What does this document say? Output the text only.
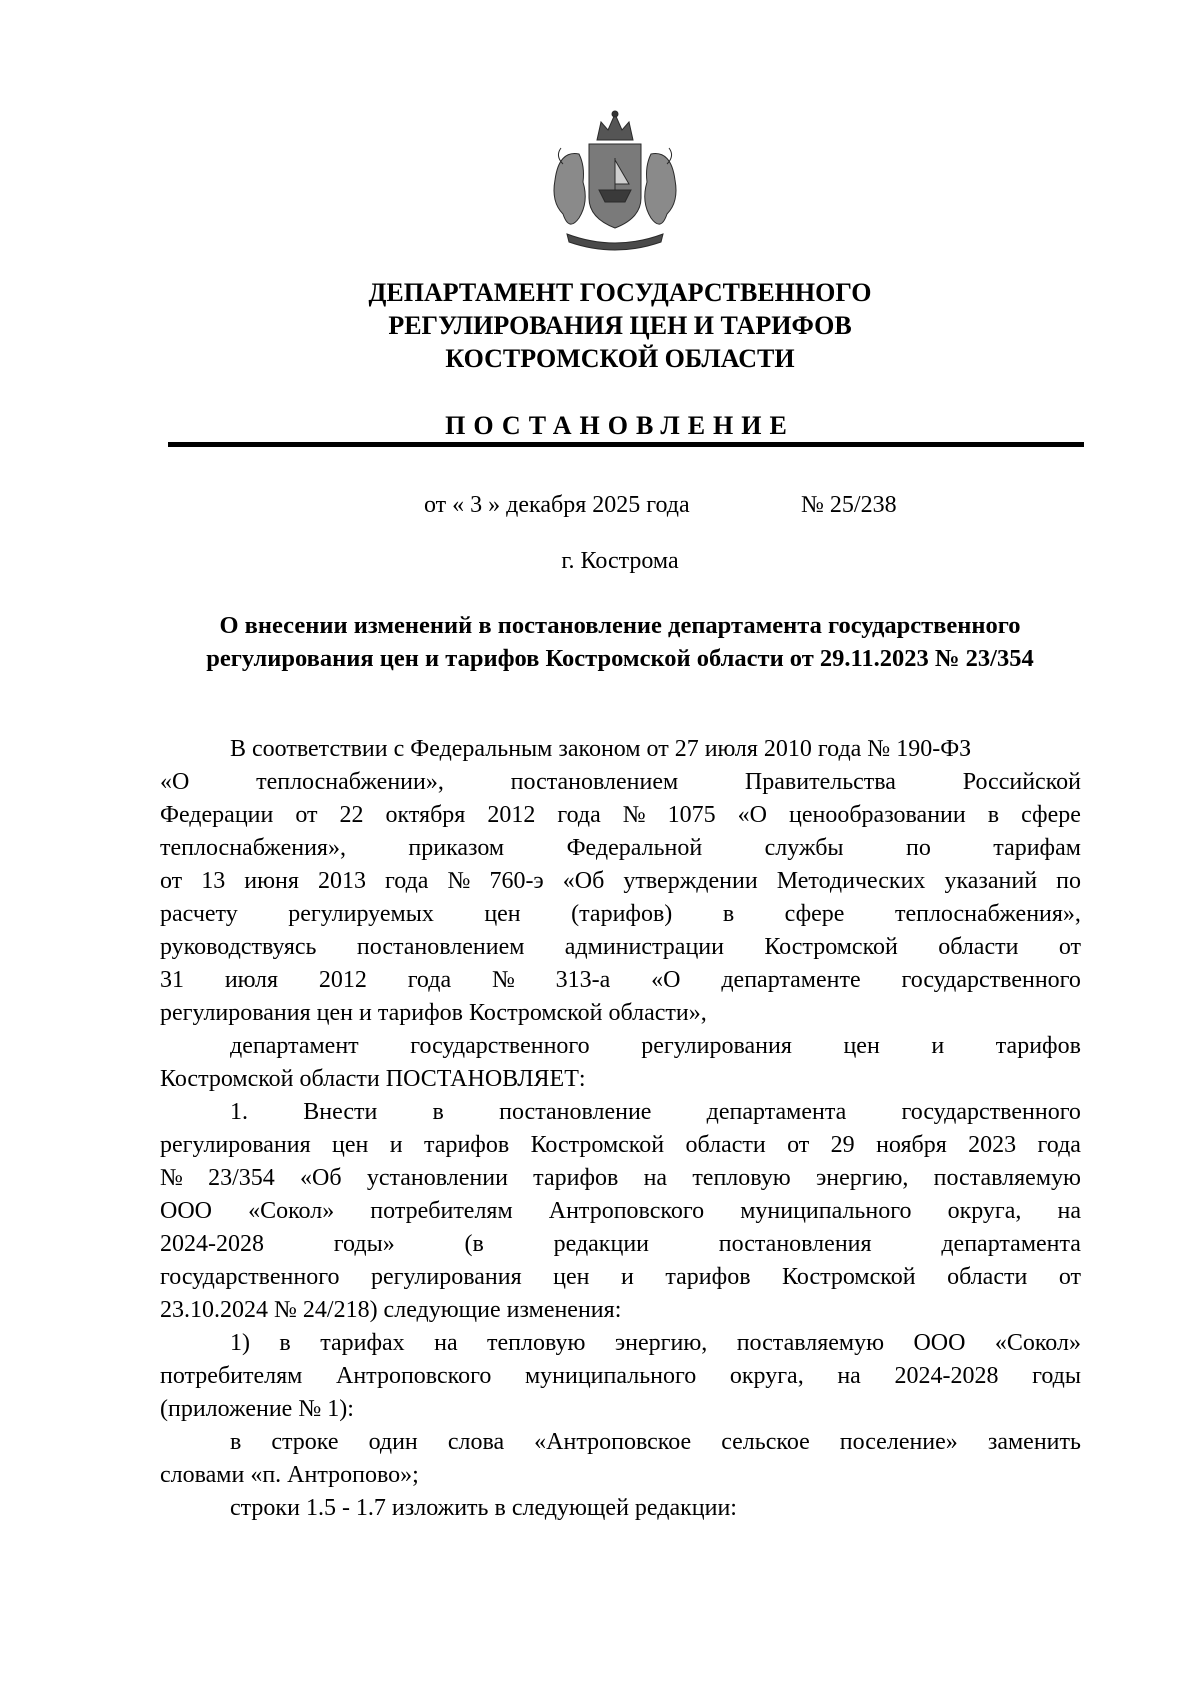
ДЕПАРТАМЕНТ ГОСУДАРСТВЕННОГО
РЕГУЛИРОВАНИЯ ЦЕН И ТАРИФОВ
КОСТРОМСКОЙ ОБЛАСТИ
ПОСТАНОВЛЕНИЕ
от « 3 » декабря 2025 года	№ 25/238
г. Кострома
О внесении изменений в постановление департамента государственного
регулирования цен и тарифов Костромской области от 29.11.2023 № 23/354
В соответствии с Федеральным законом от 27 июля 2010 года № 190-ФЗ
«О	теплоснабжении»,	постановлением	Правительства	Российской
Федерации от 22 октября 2012 года № 1075 «О ценообразовании в сфере
теплоснабжения»,	приказом	Федеральной	службы	по	тарифам
от 13 июня 2013 года № 760-э «Об утверждении Методических указаний по
расчету регулируемых цен (тарифов) в сфере теплоснабжения»,
руководствуясь постановлением администрации Костромской области от
31 июля 2012 года № 313-а «О департаменте государственного
регулирования цен и тарифов Костромской области»,
департамент государственного регулирования цен и тарифов
Костромской области ПОСТАНОВЛЯЕТ:
1. Внести в постановление департамента государственного
регулирования цен и тарифов Костромской области от 29 ноября 2023 года
№ 23/354 «Об установлении тарифов на тепловую энергию, поставляемую
ООО «Сокол» потребителям Антроповского муниципального округа, на
2024-2028	годы»	(в	редакции	постановления	департамента
государственного регулирования цен и тарифов Костромской области от
23.10.2024 № 24/218) следующие изменения:
1) в тарифах на тепловую энергию, поставляемую ООО «Сокол»
потребителям Антроповского муниципального округа, на 2024-2028 годы
(приложение № 1):
в строке один слова «Антроповское сельское поселение» заменить
словами «п. Антропово»;
строки 1.5 - 1.7 изложить в следующей редакции:
